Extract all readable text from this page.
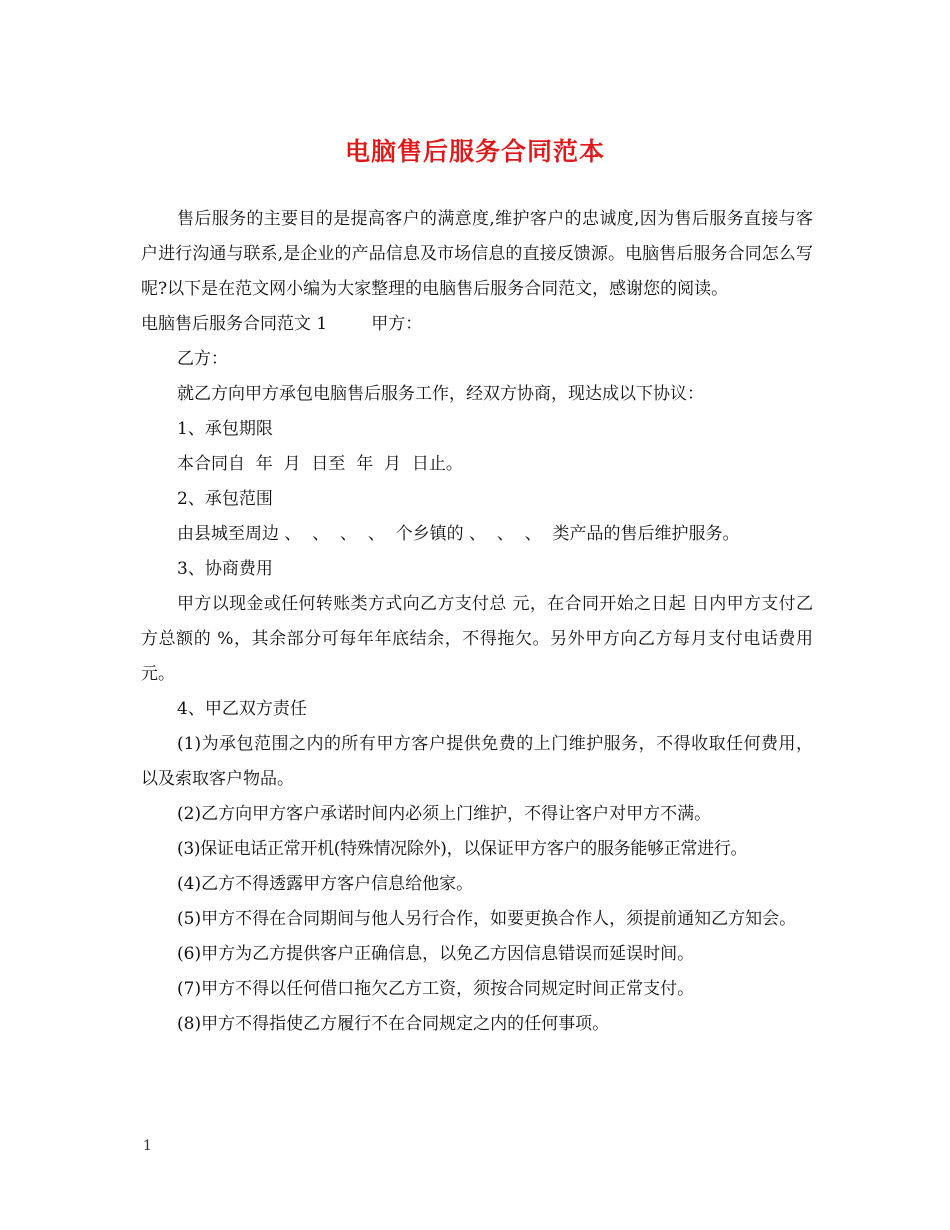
电脑售后服务合同范本

售后服务的主要目的是提高客户的满意度,维护客户的忠诚度,因为售后服务直接与客户进行沟通与联系,是企业的产品信息及市场信息的直接反馈源。电脑售后服务合同怎么写呢?以下是在范文网小编为大家整理的电脑售后服务合同范文，感谢您的阅读。

电脑售后服务合同范文 1	甲方：

乙方：

就乙方向甲方承包电脑售后服务工作，经双方协商，现达成以下协议：

1、承包期限

本合同自  年  月  日至  年  月  日止。

2、承包范围

由县城至周边 、  、  、  、  个乡镇的 、  、  、  类产品的售后维护服务。

3、协商费用

甲方以现金或任何转账类方式向乙方支付总 元，在合同开始之日起 日内甲方支付乙方总额的 %，其余部分可每年年底结余，不得拖欠。另外甲方向乙方每月支付电话费用 元。

4、甲乙双方责任

(1)为承包范围之内的所有甲方客户提供免费的上门维护服务，不得收取任何费用，以及索取客户物品。

(2)乙方向甲方客户承诺时间内必须上门维护，不得让客户对甲方不满。

(3)保证电话正常开机(特殊情况除外)，以保证甲方客户的服务能够正常进行。

(4)乙方不得透露甲方客户信息给他家。

(5)甲方不得在合同期间与他人另行合作，如要更换合作人，须提前通知乙方知会。

(6)甲方为乙方提供客户正确信息，以免乙方因信息错误而延误时间。

(7)甲方不得以任何借口拖欠乙方工资，须按合同规定时间正常支付。

(8)甲方不得指使乙方履行不在合同规定之内的任何事项。

1
